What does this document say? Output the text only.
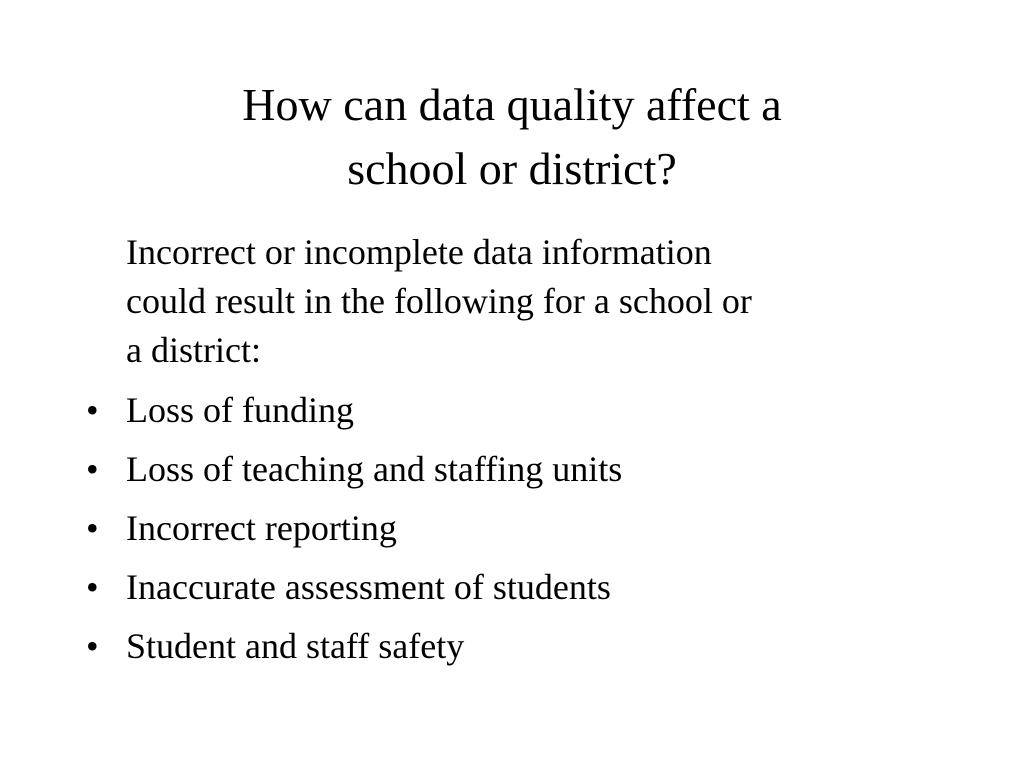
How can data quality affect a
school or district?

Incorrect or incomplete data information
could result in the following for a school or
a district:

• Loss of funding
• Loss of teaching and staffing units
• Incorrect reporting
• Inaccurate assessment of students
• Student and staff safety
